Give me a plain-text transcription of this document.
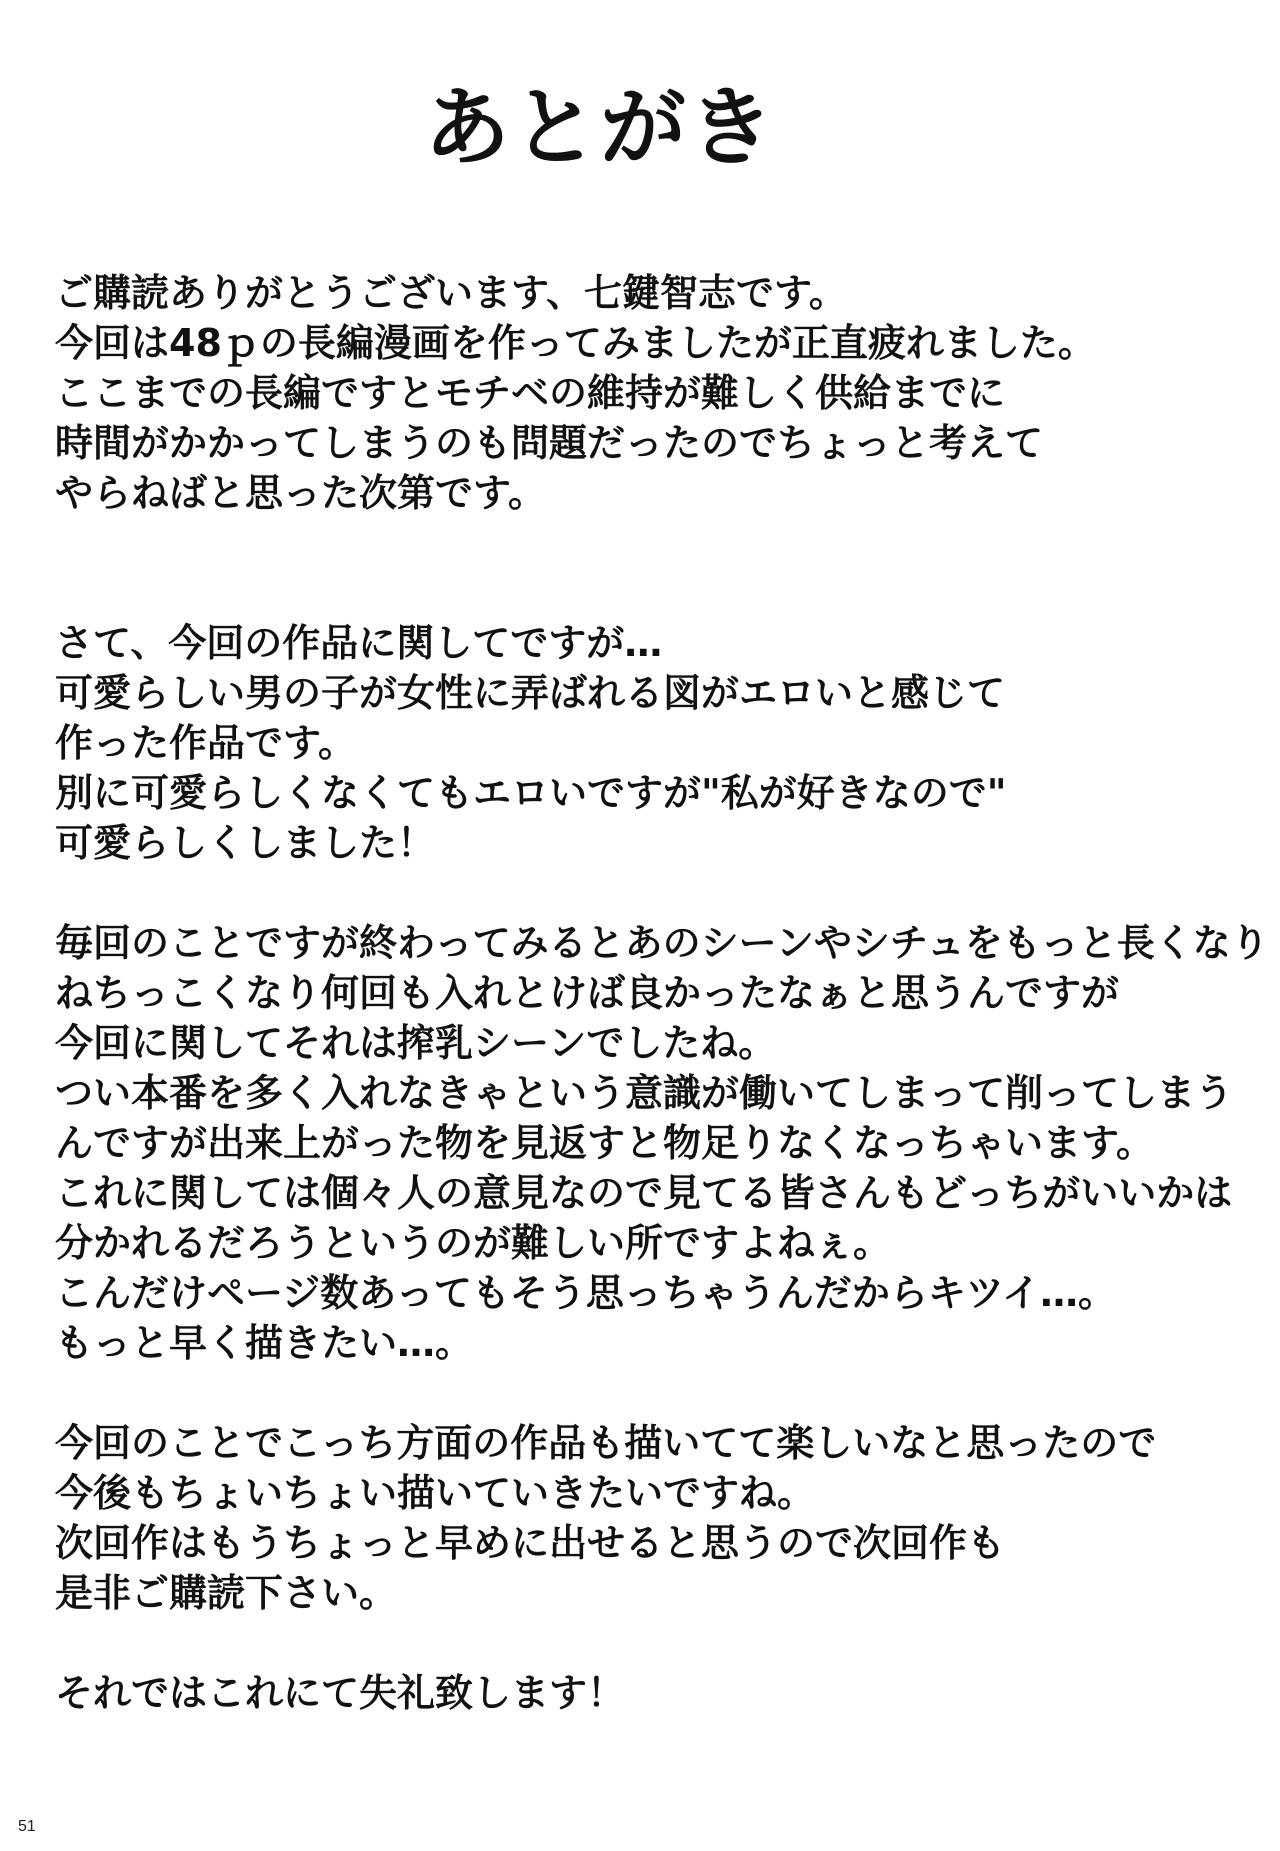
あとがき
ご購読ありがとうございます、七鍵智志です。
今回は48ｐの長編漫画を作ってみましたが正直疲れました。
ここまでの長編ですとモチベの維持が難しく供給までに
時間がかかってしまうのも問題だったのでちょっと考えて
やらねばと思った次第です。
さて、今回の作品に関してですが…
可愛らしい男の子が女性に弄ばれる図がエロいと感じて
作った作品です。
別に可愛らしくなくてもエロいですが"私が好きなので"
可愛らしくしました！
毎回のことですが終わってみるとあのシーンやシチュをもっと長くなり
ねちっこくなり何回も入れとけば良かったなぁと思うんですが
今回に関してそれは搾乳シーンでしたね。
つい本番を多く入れなきゃという意識が働いてしまって削ってしまう
んですが出来上がった物を見返すと物足りなくなっちゃいます。
これに関しては個々人の意見なので見てる皆さんもどっちがいいかは
分かれるだろうというのが難しい所ですよねぇ。
こんだけページ数あってもそう思っちゃうんだからキツイ…。
もっと早く描きたい…。
今回のことでこっち方面の作品も描いてて楽しいなと思ったので
今後もちょいちょい描いていきたいですね。
次回作はもうちょっと早めに出せると思うので次回作も
是非ご購読下さい。
それではこれにて失礼致します！
51
